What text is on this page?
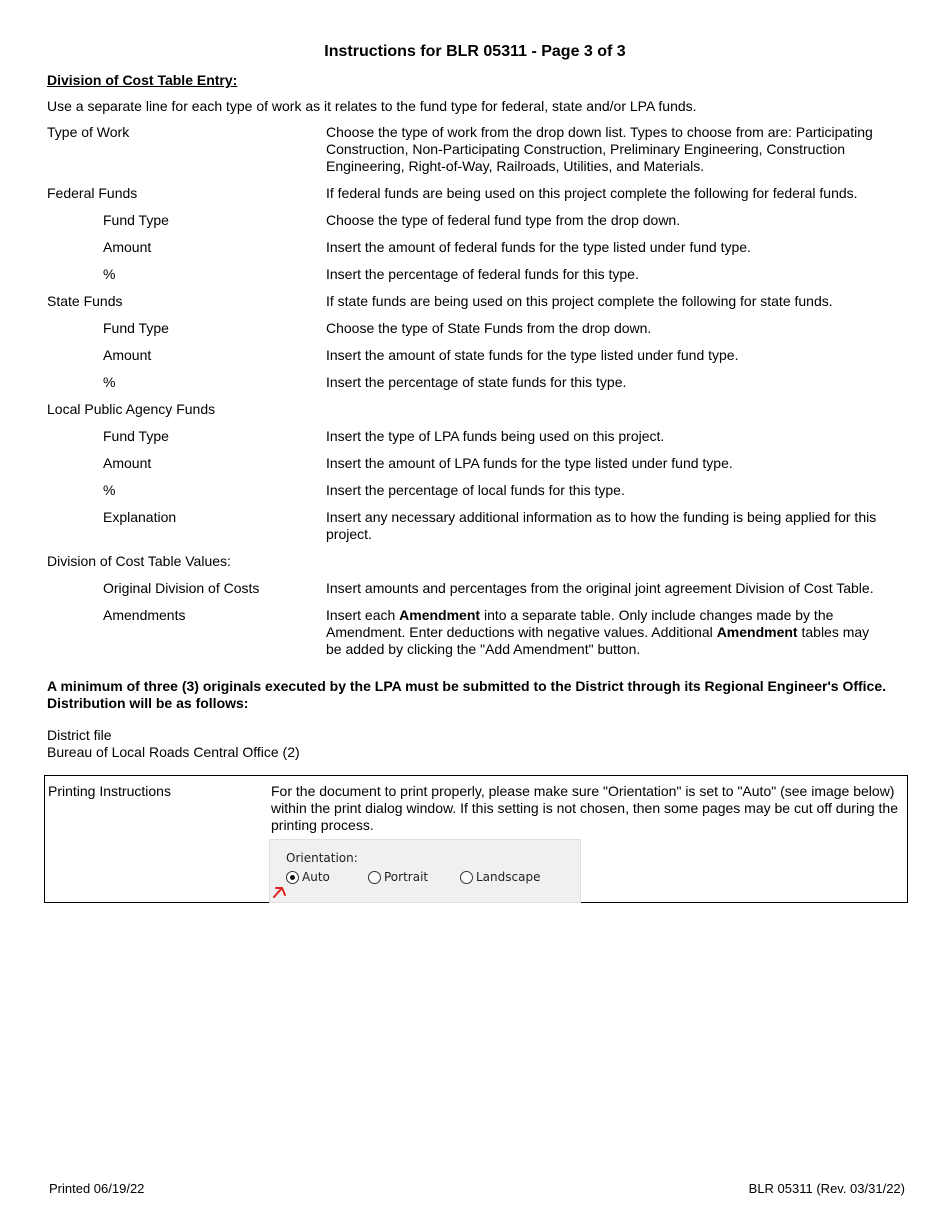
Instructions for BLR 05311 - Page 3 of 3
Division of Cost Table Entry:
Use a separate line for each type of work as it relates to the fund type for federal, state and/or LPA funds.
Type of Work	Choose the type of work from the drop down list. Types to choose from are: Participating Construction, Non-Participating Construction, Preliminary Engineering, Construction Engineering, Right-of-Way, Railroads, Utilities, and Materials.
Federal Funds	If federal funds are being used on this project complete the following for federal funds.
Fund Type	Choose the type of federal fund type from the drop down.
Amount	Insert the amount of federal funds for the type listed under fund type.
%	Insert the percentage of federal funds for this type.
State Funds	If state funds are being used on this project complete the following for state funds.
Fund Type	Choose the type of State Funds from the drop down.
Amount	Insert the amount of state funds for the type listed under fund type.
%	Insert the percentage of state funds for this type.
Local Public Agency Funds
Fund Type	Insert the type of LPA funds being used on this project.
Amount	Insert the amount of LPA funds for the type listed under fund type.
%	Insert the percentage of local funds for this type.
Explanation	Insert any necessary additional information as to how the funding is being applied for this project.
Division of Cost Table Values:
Original Division of Costs	Insert amounts and percentages from the original joint agreement Division of Cost Table.
Amendments	Insert each Amendment into a separate table. Only include changes made by the Amendment. Enter deductions with negative values. Additional Amendment tables may be added by clicking the "Add Amendment" button.
A minimum of three (3) originals executed by the LPA must be submitted to the District through its Regional Engineer's Office. Distribution will be as follows:
District file
Bureau of Local Roads Central Office (2)
Printing Instructions	For the document to print properly, please make sure "Orientation" is set to "Auto" (see image below) within the print dialog window. If this setting is not chosen, then some pages may be cut off during the printing process.
Orientation:
Auto	Portrait	Landscape
Printed 06/19/22	BLR 05311 (Rev. 03/31/22)
